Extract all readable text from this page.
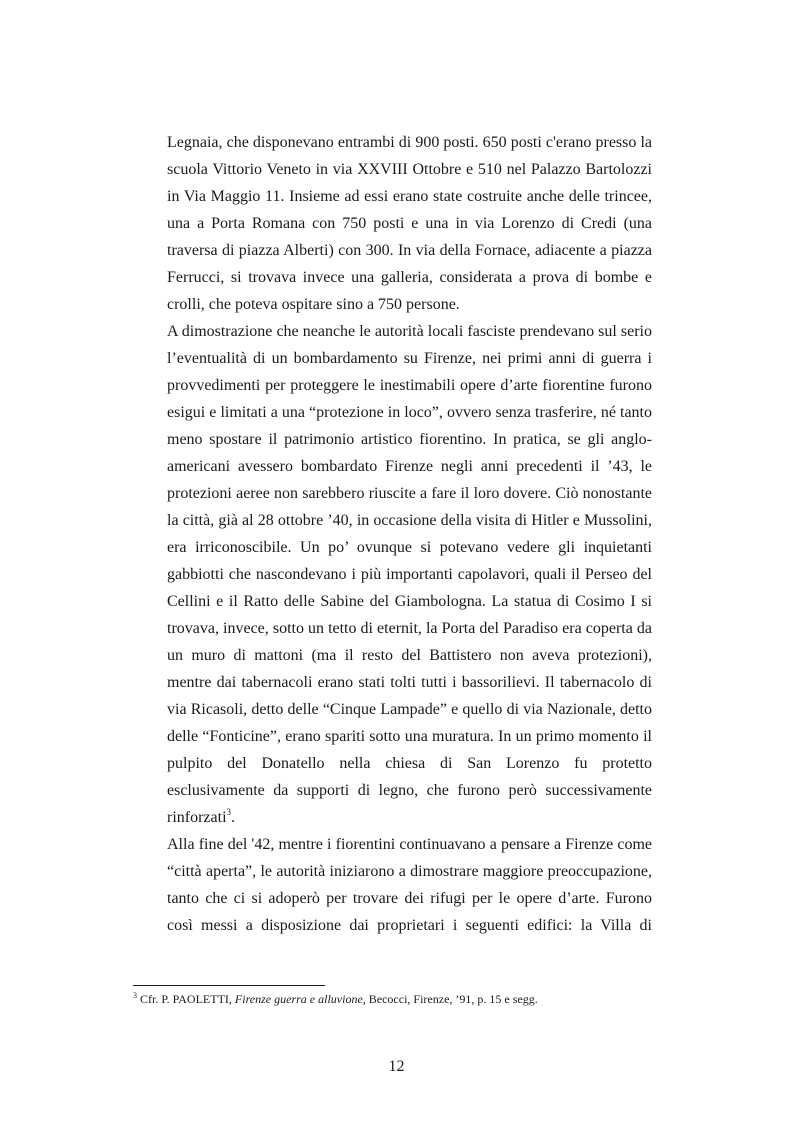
Legnaia, che disponevano entrambi di 900 posti. 650 posti c'erano presso la
scuola Vittorio Veneto in via XXVIII Ottobre e 510 nel Palazzo Bartolozzi
in Via Maggio 11. Insieme ad essi erano state costruite anche delle trincee,
una a Porta Romana con 750 posti e una in via Lorenzo di Credi (una
traversa di piazza Alberti) con 300. In via della Fornace, adiacente a piazza
Ferrucci, si trovava invece una galleria, considerata a prova di bombe e
crolli, che poteva ospitare sino a 750 persone.
A dimostrazione che neanche le autorità locali fasciste prendevano sul serio
l’eventualità di un bombardamento su Firenze, nei primi anni di guerra i
provvedimenti per proteggere le inestimabili opere d’arte fiorentine furono
esigui e limitati a una “protezione in loco”, ovvero senza trasferire, né tanto
meno spostare il patrimonio artistico fiorentino. In pratica, se gli anglo-
americani avessero bombardato Firenze negli anni precedenti il ’43, le
protezioni aeree non sarebbero riuscite a fare il loro dovere. Ciò nonostante
la città, già al 28 ottobre ’40, in occasione della visita di Hitler e Mussolini,
era irriconoscibile. Un po’ ovunque si potevano vedere gli inquietanti
gabbiotti che nascondevano i più importanti capolavori, quali il Perseo del
Cellini e il Ratto delle Sabine del Giambologna. La statua di Cosimo I si
trovava, invece, sotto un tetto di eternit, la Porta del Paradiso era coperta da
un muro di mattoni (ma il resto del Battistero non aveva protezioni),
mentre dai tabernacoli erano stati tolti tutti i bassorilievi. Il tabernacolo di
via Ricasoli, detto delle “Cinque Lampade” e quello di via Nazionale, detto
delle “Fonticine”, erano spariti sotto una muratura. In un primo momento il
pulpito del Donatello nella chiesa di San Lorenzo fu protetto
esclusivamente da supporti di legno, che furono però successivamente
rinforzati$^3$.
Alla fine del '42, mentre i fiorentini continuavano a pensare a Firenze come
“città aperta”, le autorità iniziarono a dimostrare maggiore preoccupazione,
tanto che ci si adoperò per trovare dei rifugi per le opere d’arte. Furono
così messi a disposizione dai proprietari i seguenti edifici: la Villa di
$^3$ Cfr. P. PAOLETTI, Firenze guerra e alluvione, Becocci, Firenze, ’91, p. 15 e segg.
12
